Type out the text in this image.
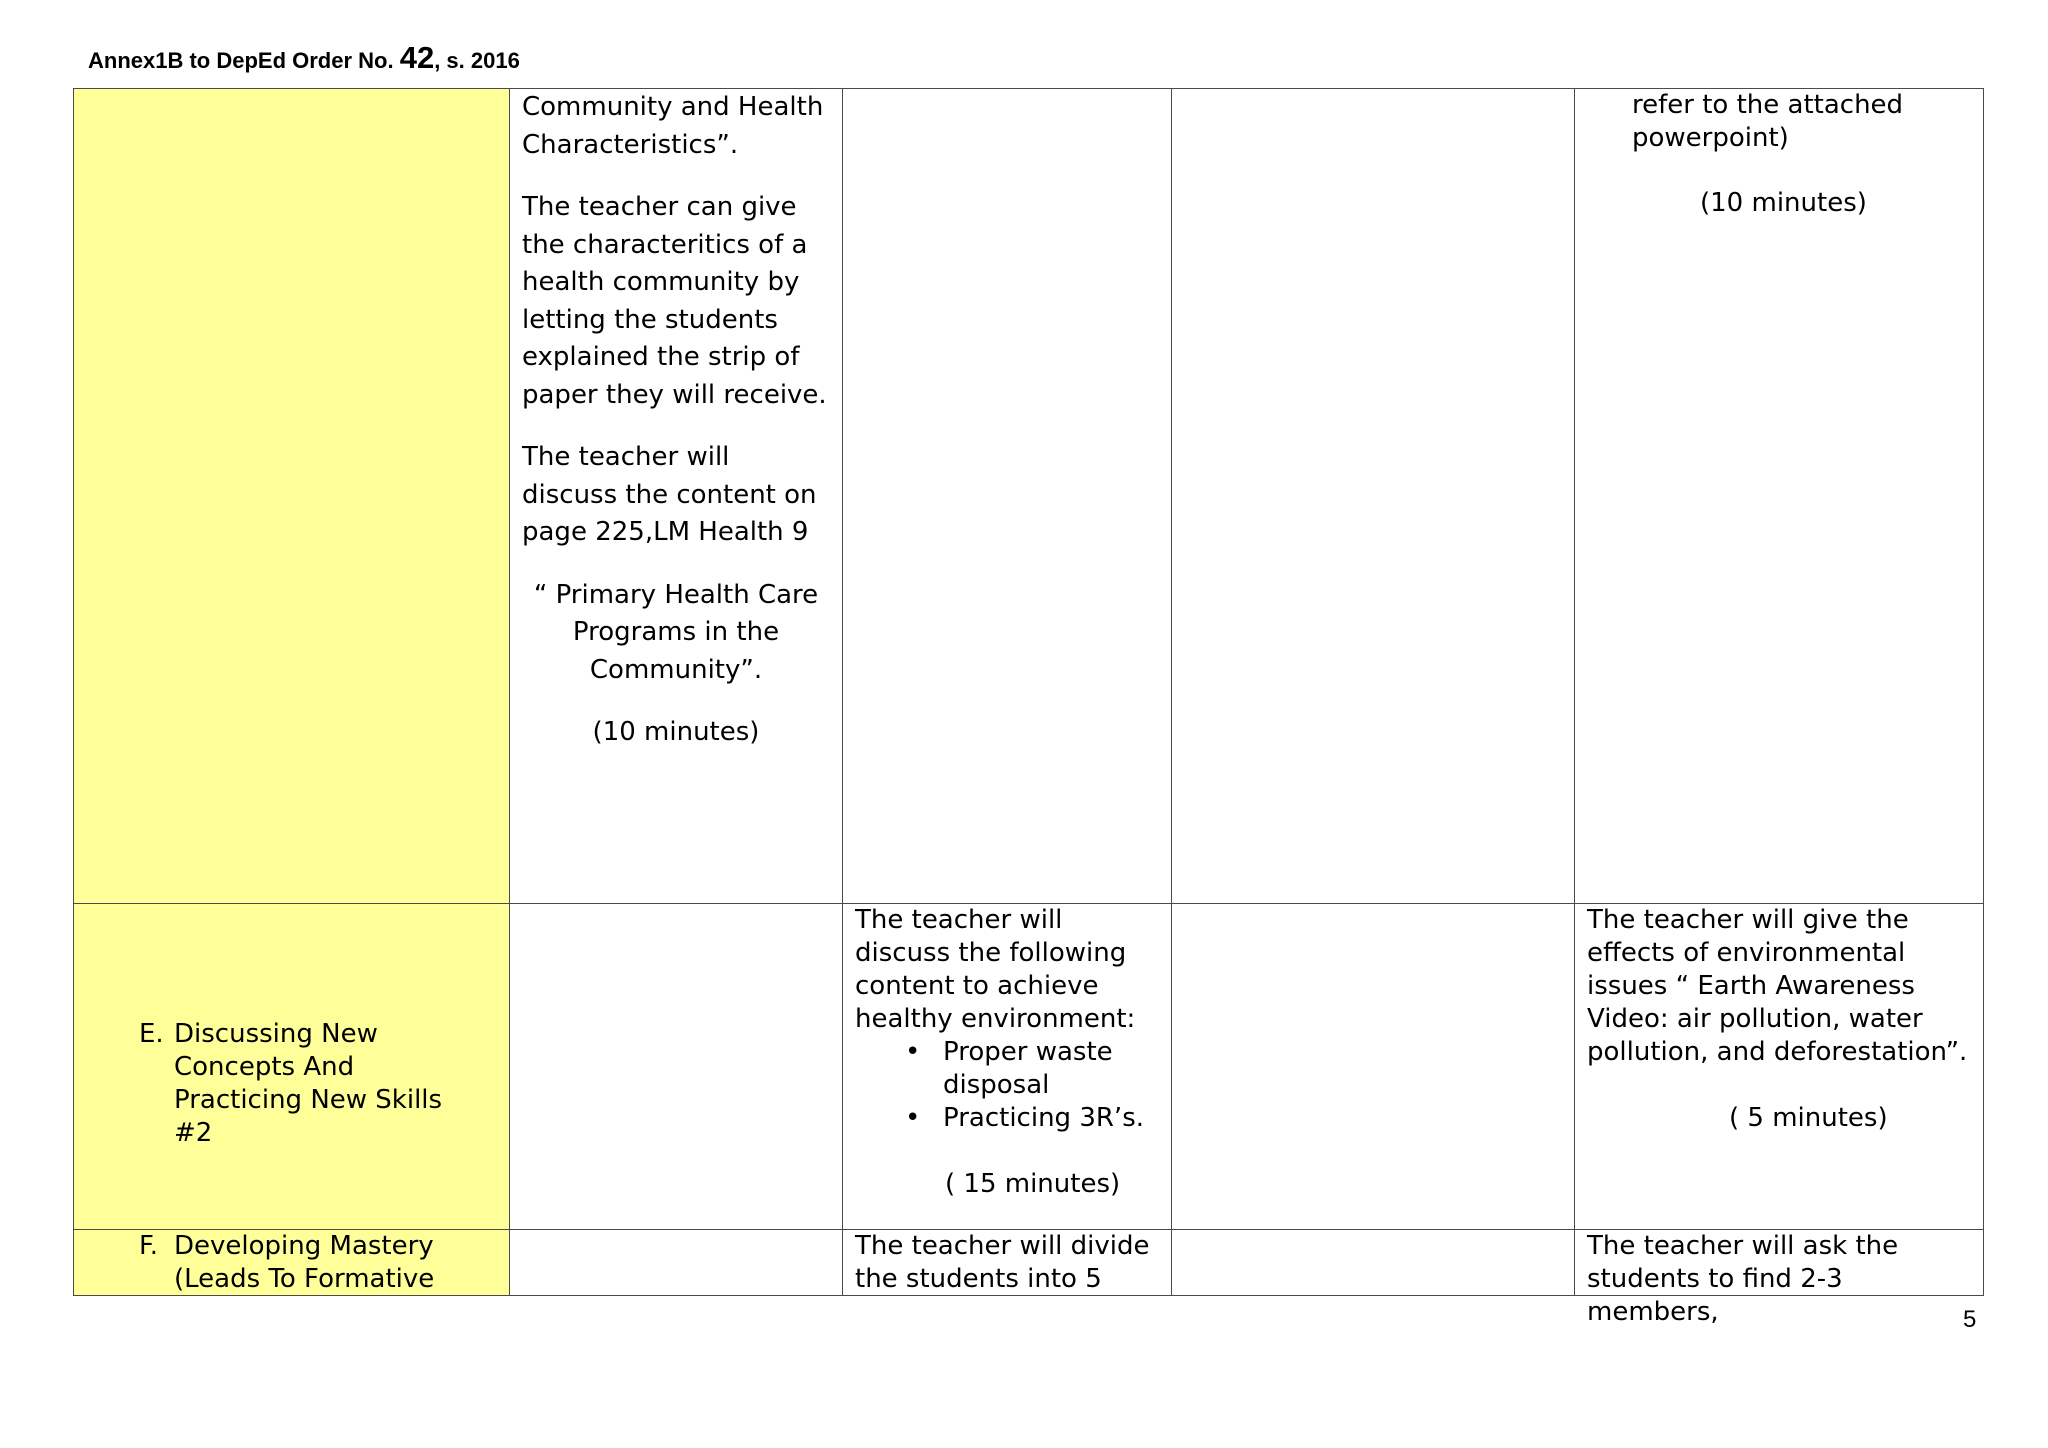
Annex1B to DepEd Order No. 42, s. 2016

Community and Health Characteristics”.

The teacher can give the characteritics of a health community by letting the students explained the strip of paper they will receive.

The teacher will discuss the content on page 225,LM Health 9

“ Primary Health Care Programs in the Community”.

(10 minutes)

refer to the attached powerpoint)

(10 minutes)

E. Discussing New Concepts And Practicing New Skills #2
The teacher will discuss the following content to achieve healthy environment:
• Proper waste disposal
• Practicing 3R’s.
( 15 minutes)
The teacher will give the effects of environmental issues “ Earth Awareness Video: air pollution, water pollution, and deforestation”.
( 5 minutes)
F. Developing Mastery (Leads To Formative
The teacher will divide the students into 5
The teacher will ask the students to find 2-3 members,	5
